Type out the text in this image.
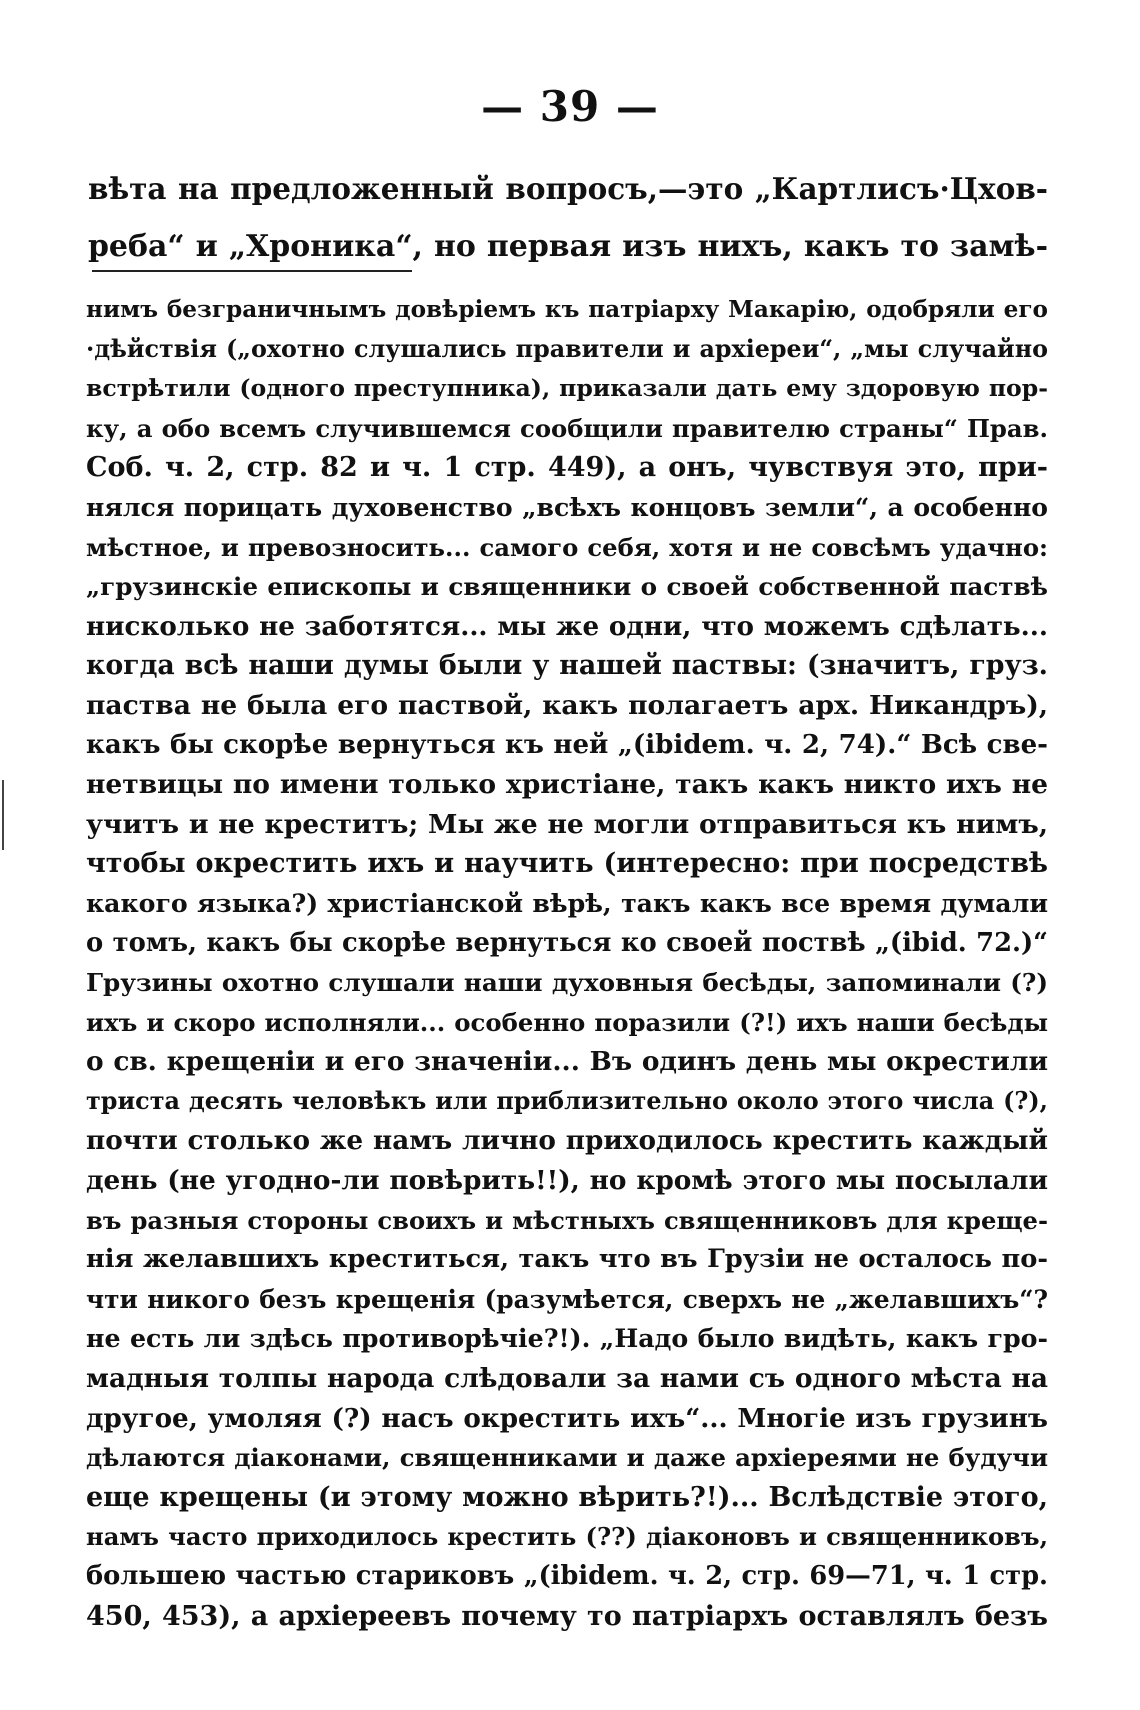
— 39 —
вѣта на предложенный вопросъ,—это „Картлисъ·Цхов-
реба“ и „Хроника“, но первая изъ нихъ, какъ то замѣ-
нимъ безграничнымъ довѣріемъ къ патріарху Макарію, одобряли его
·дѣйствія („охотно слушались правители и архіереи“, „мы случайно
встрѣтили (одного преступника), приказали дать ему здоровую пор-
ку, а обо всемъ случившемся сообщили правителю страны“ Прав.
Соб. ч. 2, стр. 82 и ч. 1 стр. 449), а онъ, чувствуя это, при-
нялся порицать духовенство „всѣхъ концовъ земли“, а особенно
мѣстное, и превозносить... самого себя, хотя и не совсѣмъ удачно:
„грузинскіе епископы и священники о своей собственной паствѣ
нисколько не заботятся... мы же одни, что можемъ сдѣлать...
когда всѣ наши думы были у нашей паствы: (значитъ, груз.
паства не была его паствой, какъ полагаетъ арх. Никандръ),
какъ бы скорѣе вернуться къ ней „(ibidem. ч. 2, 74).“ Всѣ све-
нетвицы по имени только христіане, такъ какъ никто ихъ не
учитъ и не креститъ; Мы же не могли отправиться къ нимъ,
чтобы окрестить ихъ и научить (интересно: при посредствѣ
какого языка?) христіанской вѣрѣ, такъ какъ все время думали
о томъ, какъ бы скорѣе вернуться ко своей поствѣ „(ibid. 72.)“
Грузины охотно слушали наши духовныя бесѣды, запоминали (?)
ихъ и скоро исполняли... особенно поразили (?!) ихъ наши бесѣды
о св. крещеніи и его значеніи... Въ одинъ день мы окрестили
триста десять человѣкъ или приблизительно около этого числа (?),
почти столько же намъ лично приходилось крестить каждый
день (не угодно-ли повѣрить!!), но кромѣ этого мы посылали
въ разныя стороны своихъ и мѣстныхъ священниковъ для креще-
нія желавшихъ креститься, такъ что въ Грузіи не осталось по-
чти никого безъ крещенія (разумѣется, сверхъ не „желавшихъ“?
не есть ли здѣсь противорѣчіе?!). „Надо было видѣть, какъ гро-
мадныя толпы народа слѣдовали за нами съ одного мѣста на
другое, умоляя (?) насъ окрестить ихъ“... Многіе изъ грузинъ
дѣлаются діаконами, священниками и даже архіереями не будучи
еще крещены (и этому можно вѣрить?!)... Вслѣдствіе этого,
намъ часто приходилось крестить (??) діаконовъ и священниковъ,
большею частью стариковъ „(ibidem. ч. 2, стр. 69—71, ч. 1 стр.
450, 453), а архіереевъ почему то патріархъ оставлялъ безъ
